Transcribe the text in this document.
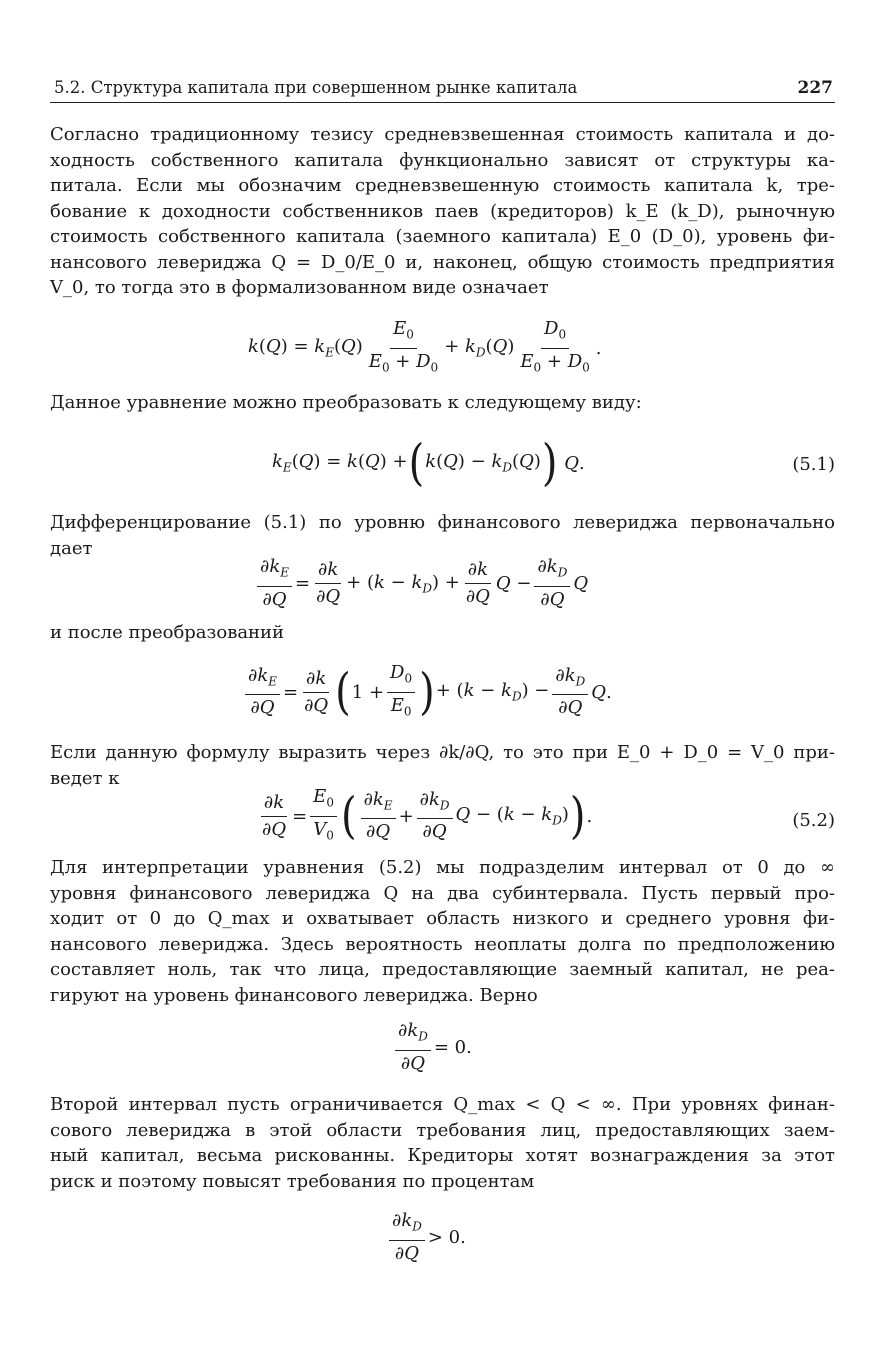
5.2. Структура капитала при совершенном рынке капитала	227
Согласно традиционному тезису средневзвешенная стоимость капитала и до-
ходность собственного капитала функционально зависят от структуры ка-
питала. Если мы обозначим средневзвешенную стоимость капитала k, тре-
бование к доходности собственников паев (кредиторов) k_E (k_D), рыночную
стоимость собственного капитала (заемного капитала) E_0 (D_0), уровень фи-
нансового левериджа Q = D_0/E_0 и, наконец, общую стоимость предприятия
V_0, то тогда это в формализованном виде означает
$k(Q) = k_E(Q) \frac{E_0}{E_0 + D_0} + k_D(Q) \frac{D_0}{E_0 + D_0}$ .
Данное уравнение можно преобразовать к следующему виду:
$k_E(Q) = k(Q)$ + ( $k(Q) - k_D(Q)$ ) Q.	(5.1)
Дифференцирование (5.1) по уровню финансового левериджа первоначально
дает
$\frac{\partial k_E}{\partial Q} = \frac{\partial k}{\partial Q} + (k - k_D) + \frac{\partial k}{\partial Q}$ $Q - \frac{\partial k_D}{\partial Q}$ Q
и после преобразований
$\frac{\partial k_E}{\partial Q} = \frac{\partial k}{\partial Q}$ ( $1 + \frac{D_0}{E_0}$ ) + $(k - k_D) - \frac{\partial k_D}{\partial Q} Q$.
Если данную формулу выразить через ∂k/∂Q, то это при E_0 + D_0 = V_0 при-
ведет к
$\frac{\partial k}{\partial Q} = \frac{E_0}{V_0}$ ( $\frac{\partial k_E}{\partial Q} + \frac{\partial k_D}{\partial Q}$ $Q - (k - k_D)$ ) .	(5.2)
Для интерпретации уравнения (5.2) мы подразделим интервал от 0 до ∞
уровня финансового левериджа Q на два субинтервала. Пусть первый про-
ходит от 0 до Q_max и охватывает область низкого и среднего уровня фи-
нансового левериджа. Здесь вероятность неоплаты долга по предположению
составляет ноль, так что лица, предоставляющие заемный капитал, не реа-
гируют на уровень финансового левериджа. Верно
$\frac{\partial k_D}{\partial Q} = 0$.
Второй интервал пусть ограничивается Q_max < Q < ∞. При уровнях финан-
сового левериджа в этой области требования лиц, предоставляющих заем-
ный капитал, весьма рискованны. Кредиторы хотят вознаграждения за этот
риск и поэтому повысят требования по процентам
$\frac{\partial k_D}{\partial Q} > 0$.
